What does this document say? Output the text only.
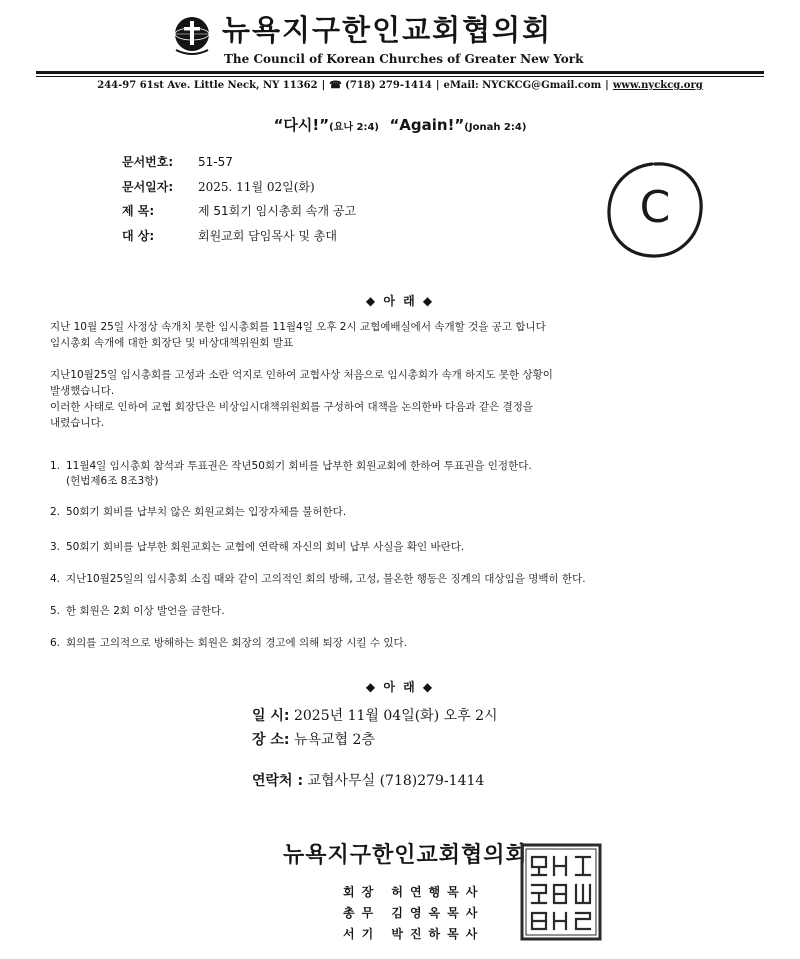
뉴욕지구한인교회협의회
The Council of Korean Churches of Greater New York
244-97 61st Ave. Little Neck, NY 11362 | ☎ (718) 279-1414 | eMail: NYCKCG@Gmail.com | www.nyckcg.org
“다시!”(요나 2:4) “Again!”(Jonah 2:4)
문서번호: 51-57
문서일자: 2025. 11월 02일(화)
제 목:	제 51회기 임시총회 속개 공고
대 상:	회원교회 담임목사 및 총대
C
◆ 아 래 ◆
지난 10월 25일 사정상 속개치 못한 임시총회를 11월4일 오후 2시 교협예배실에서 속개할 것을 공고 합니다
임시총회 속개에 대한 회장단 및 비상대책위원회 발표
지난10월25일 임시총회를 고성과 소란 억지로 인하여 교협사상 처음으로 임시총회가 속개 하지도 못한 상황이
발생했습니다.
이러한 사태로 인하여 교협 회장단은 비상임시대책위원회를 구성하여 대책을 논의한바 다음과 같은 결정을
내렸습니다.
1. 11월4일 임시총회 참석과 투표권은 작년50회기 회비를 납부한 회원교회에 한하여 투표권을 인정한다.
(헌법제6조 8조3항)
2. 50회기 회비를 납부치 않은 회원교회는 입장자체를 불허한다.
3. 50회기 회비를 납부한 회원교회는 교협에 연락해 자신의 회비 납부 사실을 확인 바란다.
4. 지난10월25일의 임시총회 소집 때와 같이 고의적인 회의 방해, 고성, 불온한 행동은 징계의 대상임을 명백히 한다.
5. 한 회원은 2회 이상 발언을 금한다.
6. 회의를 고의적으로 방해하는 회원은 회장의 경고에 의해 퇴장 시킬 수 있다.
◆ 아 래 ◆
일 시: 2025년 11월 04일(화) 오후 2시
장 소: 뉴욕교협 2층
연락처 : 교협사무실 (718)279-1414
뉴욕지구한인교회협의회
회장 허연행목사
총무 김영옥목사
서기 박진하목사
